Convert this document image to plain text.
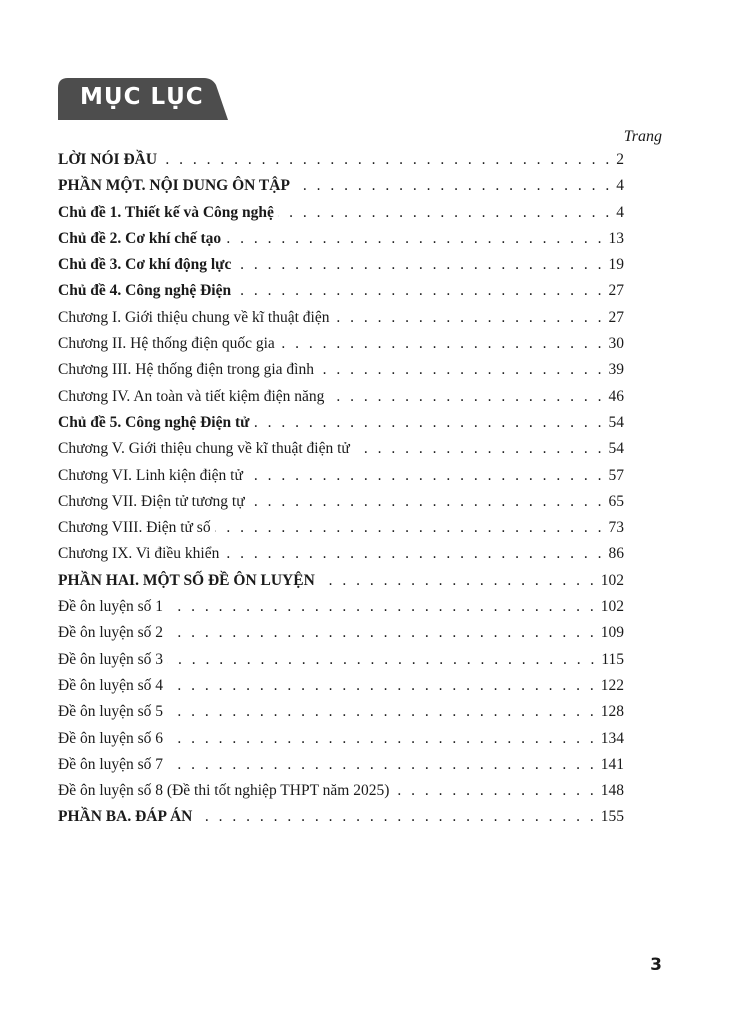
MỤC LỤC
Trang
LỜI NÓI ĐẦU . . .	2
PHẦN MỘT. NỘI DUNG ÔN TẬP . . .	4
Chủ đề 1. Thiết kế và Công nghệ . . .	4
Chủ đề 2. Cơ khí chế tạo . . .	13
Chủ đề 3. Cơ khí động lực . . .	19
Chủ đề 4. Công nghệ Điện . . .	27
Chương I. Giới thiệu chung về kĩ thuật điện . . .	27
Chương II. Hệ thống điện quốc gia . . .	30
Chương III. Hệ thống điện trong gia đình . . .	39
Chương IV. An toàn và tiết kiệm điện năng . . .	46
Chủ đề 5. Công nghệ Điện tử . . .	54
Chương V. Giới thiệu chung về kĩ thuật điện tử . . .	54
Chương VI. Linh kiện điện tử . . .	57
Chương VII. Điện tử tương tự . . .	65
Chương VIII. Điện tử số . . .	73
Chương IX. Vi điều khiển . . .	86
PHẦN HAI. MỘT SỐ ĐỀ ÔN LUYỆN . . .	102
Đề ôn luyện số 1 . . .	102
Đề ôn luyện số 2 . . .	109
Đề ôn luyện số 3 . . .	115
Đề ôn luyện số 4 . . .	122
Đề ôn luyện số 5 . . .	128
Đề ôn luyện số 6 . . .	134
Đề ôn luyện số 7 . . .	141
Đề ôn luyện số 8 (Đề thi tốt nghiệp THPT năm 2025) . . .	148
PHẦN BA. ĐÁP ÁN . . .	155
3
